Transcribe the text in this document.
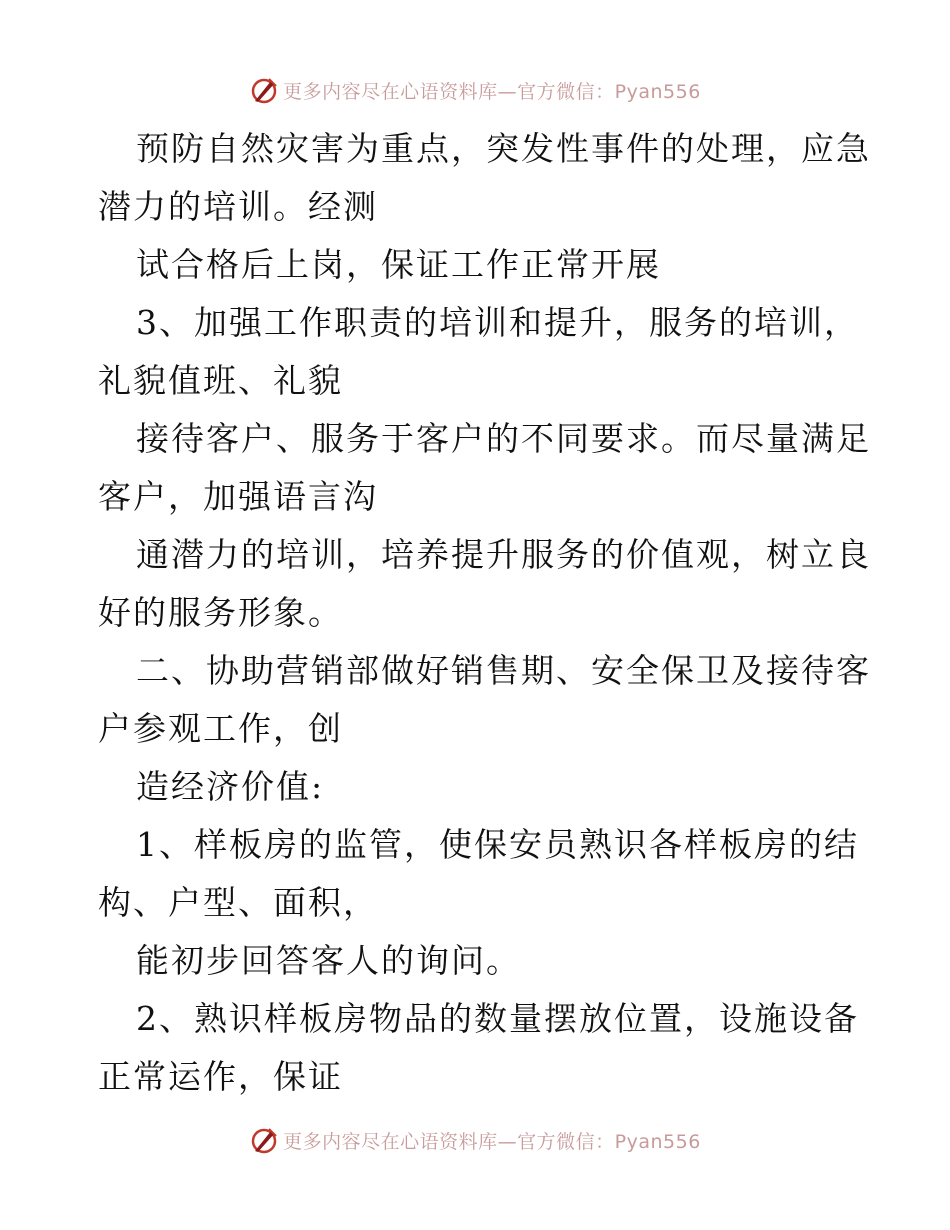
更多内容尽在心语资料库—官方微信：Pyan556
预防自然灾害为重点，突发性事件的处理，应急
潜力的培训。经测
试合格后上岗，保证工作正常开展
3、加强工作职责的培训和提升，服务的培训，
礼貌值班、礼貌
接待客户、服务于客户的不同要求。而尽量满足
客户，加强语言沟
通潜力的培训，培养提升服务的价值观，树立良
好的服务形象。
二、协助营销部做好销售期、安全保卫及接待客
户参观工作，创
造经济价值:
1、样板房的监管，使保安员熟识各样板房的结
构、户型、面积，
能初步回答客人的询问。
2、熟识样板房物品的数量摆放位置，设施设备
正常运作，保证
更多内容尽在心语资料库—官方微信：Pyan556
